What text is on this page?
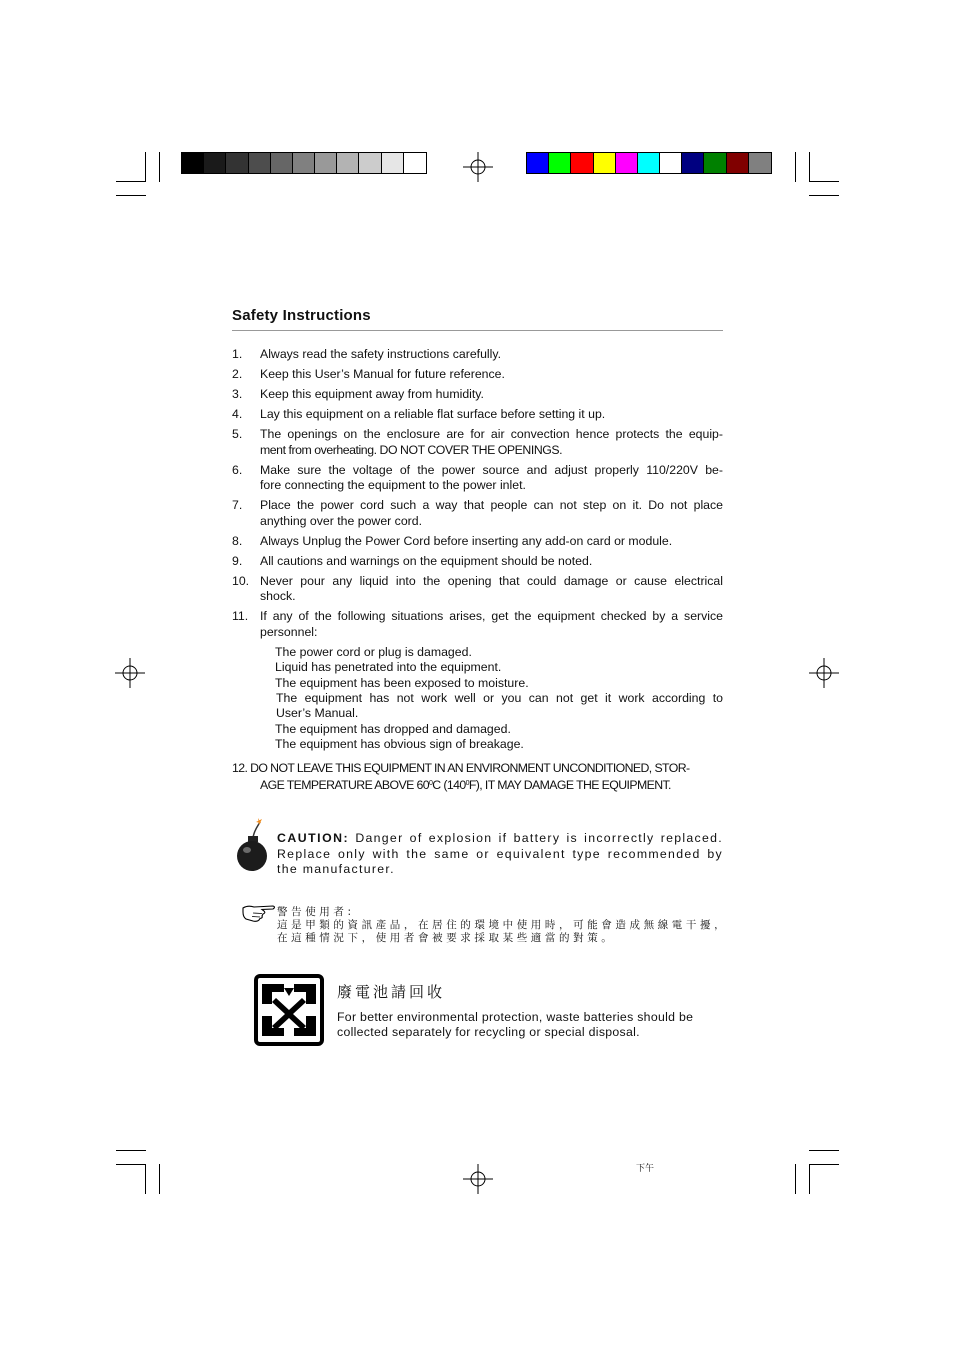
Safety Instructions
1.	Always read the safety instructions carefully.
2.	Keep this User’s Manual for future reference.
3.	Keep this equipment away from humidity.
4.	Lay this equipment on a reliable flat surface before setting it up.
5.	The openings on the enclosure are for air convection hence protects the equip-
ment from overheating. DO NOT COVER THE OPENINGS.
6.	Make sure the voltage of the power source and adjust properly 110/220V be-
fore connecting the equipment to the power inlet.
7.	Place the power cord such a way that people can not step on it. Do not place
anything over the power cord.
8.	Always Unplug the Power Cord before inserting any add-on card or module.
9.	All cautions and warnings on the equipment should be noted.
10. Never pour any liquid into the opening that could damage or cause electrical
shock.
11. If any of the following situations arises, get the equipment checked by a service
personnel:
The power cord or plug is damaged.
Liquid has penetrated into the equipment.
The equipment has been exposed to moisture.
The equipment has not work well or you can not get it work according to
User’s Manual.
The equipment has dropped and damaged.
The equipment has obvious sign of breakage.
12. DO NOT LEAVE THIS EQUIPMENT IN AN ENVIRONMENT UNCONDITIONED, STOR-
AGE TEMPERATURE ABOVE $60^0C$ $(140^0F)$, IT MAY DAMAGE THE EQUIPMENT.
CAUTION: Danger of explosion if battery is incorrectly replaced. Replace only with the same or equivalent type recommended by the manufacturer.
警告使用者:
這是甲類的資訊產品，在居住的環境中使用時，可能會造成無線電干擾，
在這種情況下，使用者會被要求採取某些適當的對策。
廢電池請回收
For better environmental protection, waste batteries should be
collected separately for recycling or special disposal.
下午
